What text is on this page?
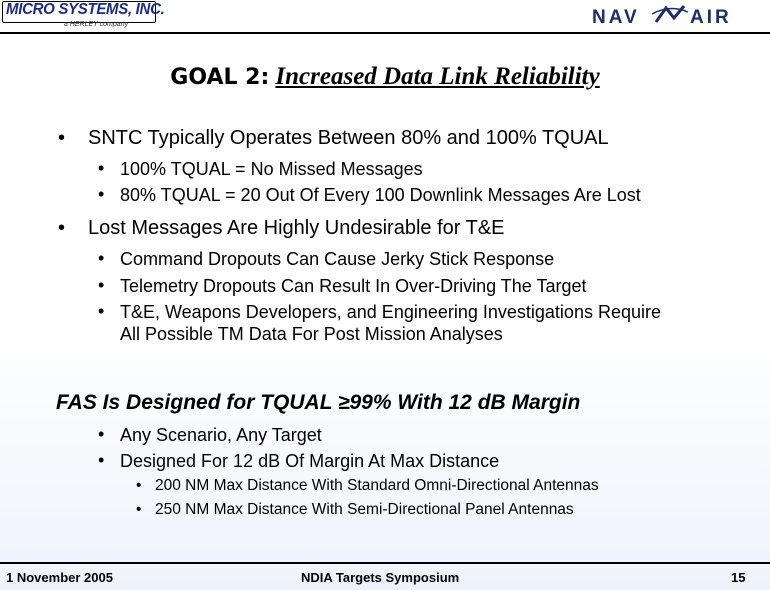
MICRO SYSTEMS, INC.
a HERLEY company	NAV	AIR
GOAL 2: Increased Data Link Reliability
• SNTC Typically Operates Between 80% and 100% TQUAL
• 100% TQUAL = No Missed Messages
• 80% TQUAL = 20 Out Of Every 100 Downlink Messages Are Lost
• Lost Messages Are Highly Undesirable for T&E
• Command Dropouts Can Cause Jerky Stick Response
• Telemetry Dropouts Can Result In Over-Driving The Target
• T&E, Weapons Developers, and Engineering Investigations Require
All Possible TM Data For Post Mission Analyses
FAS Is Designed for TQUAL ≥99% With 12 dB Margin
• Any Scenario, Any Target
• Designed For 12 dB Of Margin At Max Distance
• 200 NM Max Distance With Standard Omni-Directional Antennas
• 250 NM Max Distance With Semi-Directional Panel Antennas
1 November 2005	NDIA Targets Symposium	15
